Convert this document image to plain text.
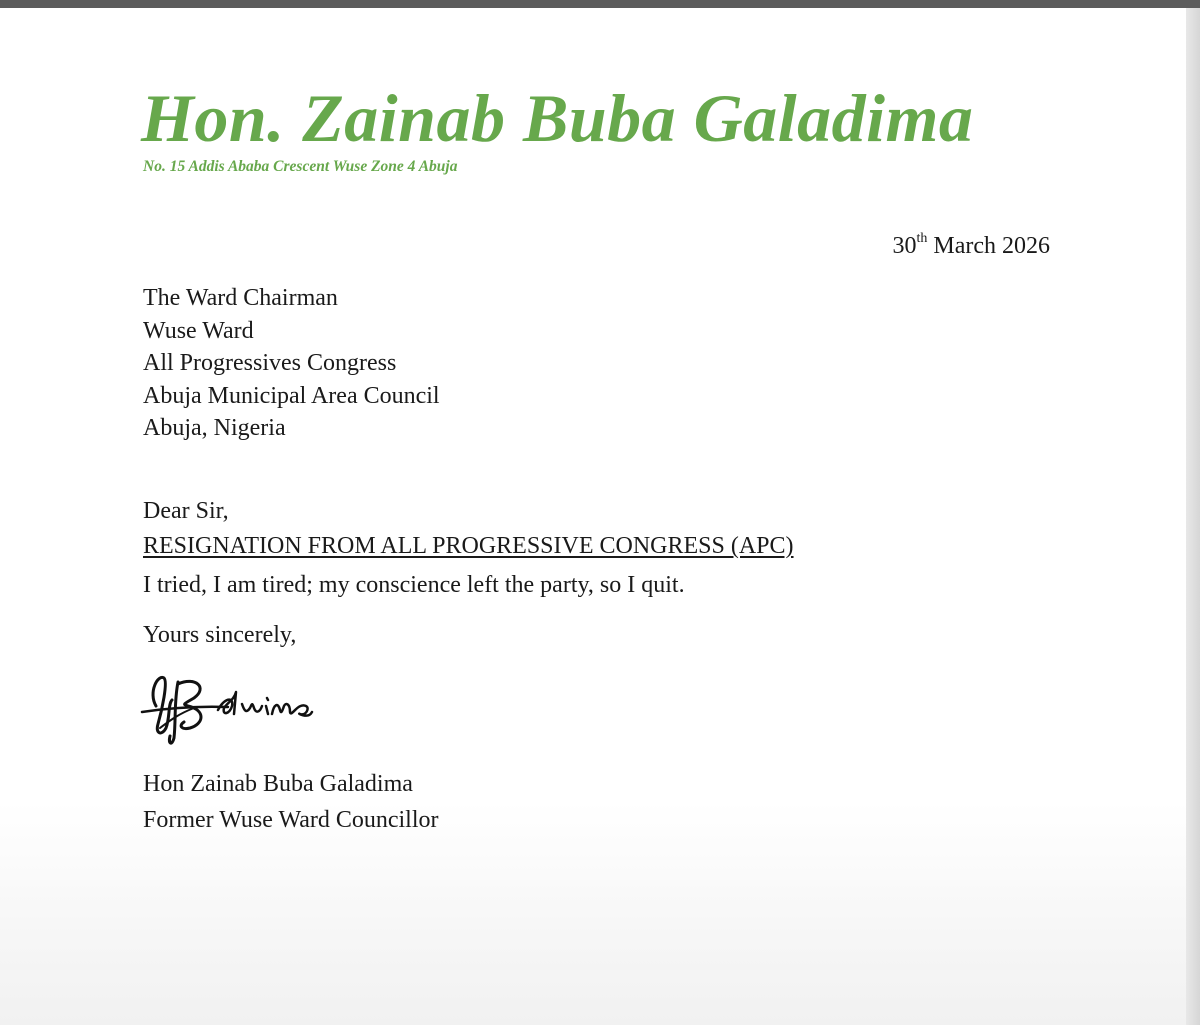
Hon. Zainab Buba Galadima
No. 15 Addis Ababa Crescent Wuse Zone 4 Abuja
30th March 2026
The Ward Chairman
Wuse Ward
All Progressives Congress
Abuja Municipal Area Council
Abuja, Nigeria
Dear Sir,
RESIGNATION FROM ALL PROGRESSIVE CONGRESS (APC)
I tried, I am tired; my conscience left the party, so I quit.
Yours sincerely,
Hon Zainab Buba Galadima
Former Wuse Ward Councillor
